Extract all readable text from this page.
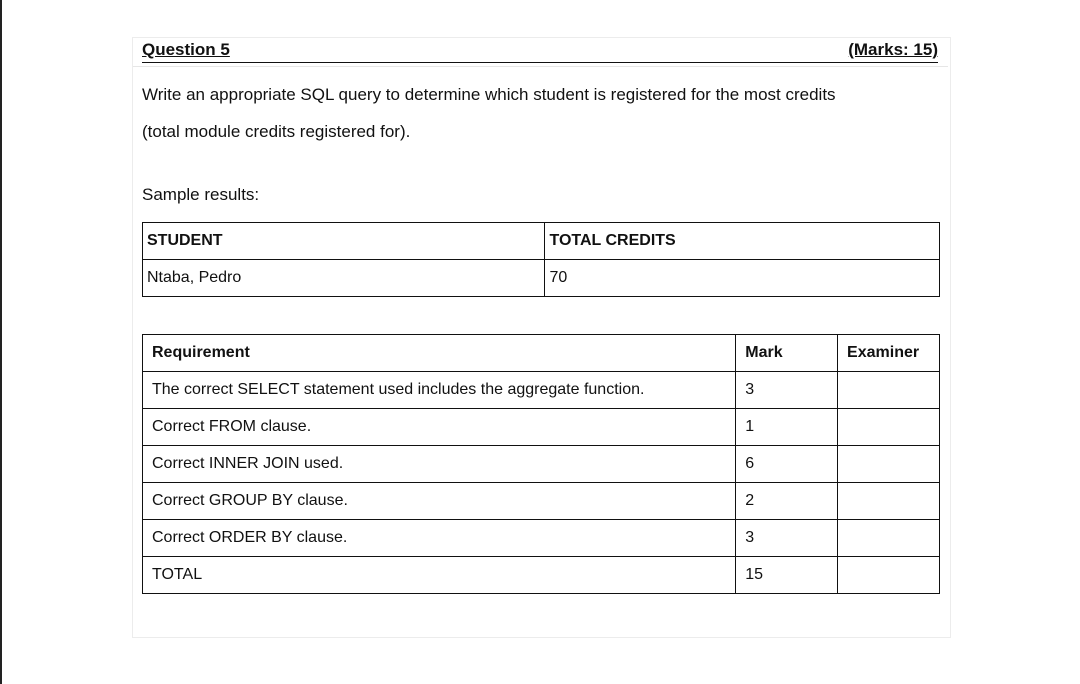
Question 5	(Marks: 15)
Write an appropriate SQL query to determine which student is registered for the most credits
(total module credits registered for).
Sample results:
STUDENT	TOTAL CREDITS
Ntaba, Pedro	70
Requirement	Mark	Examiner
The correct SELECT statement used includes the aggregate function.	3	
Correct FROM clause.	1	
Correct INNER JOIN used.	6	
Correct GROUP BY clause.	2	
Correct ORDER BY clause.	3	
TOTAL	15	
